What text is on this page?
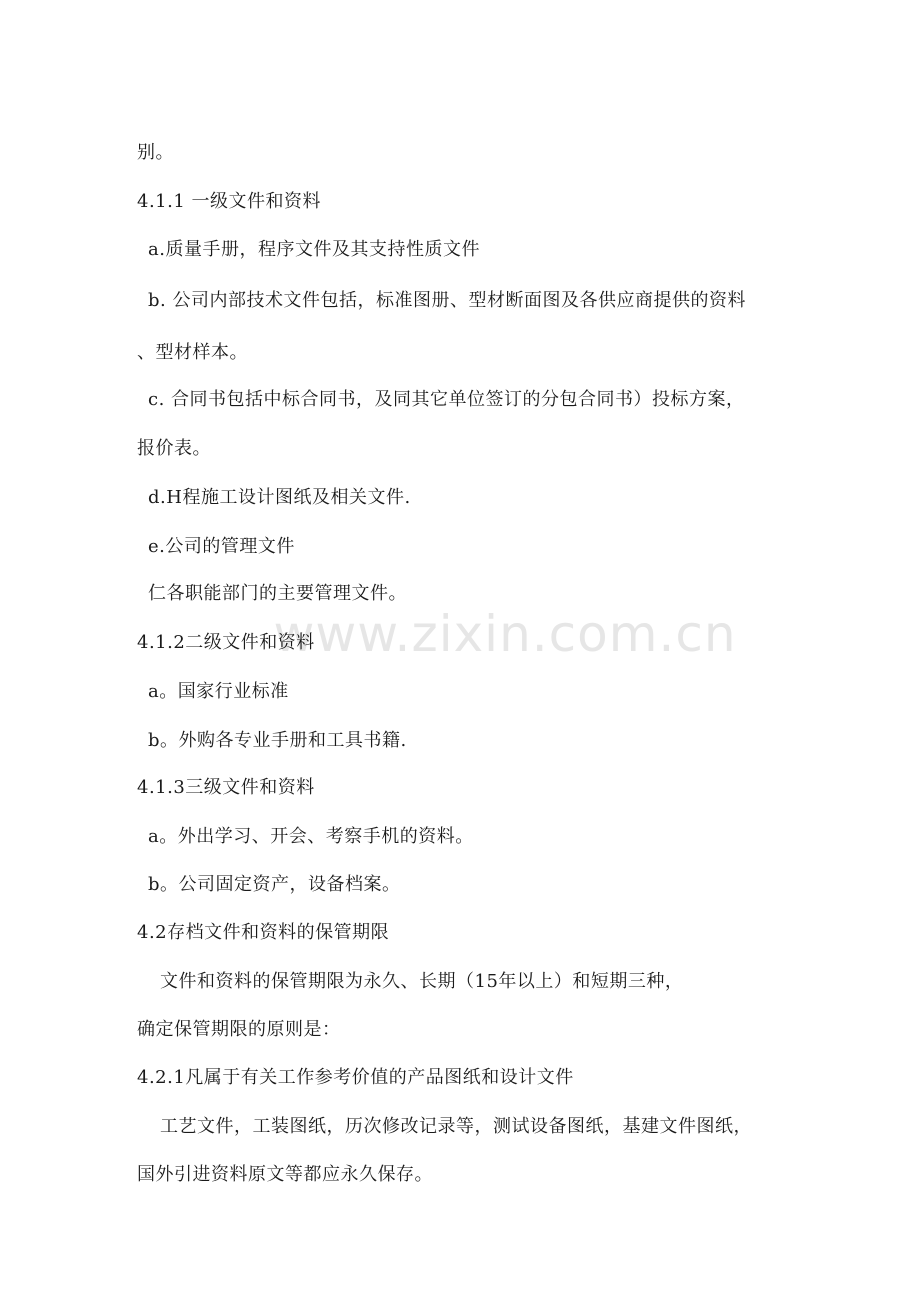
www.zixin.com.cn
别。
4.1.1 一级文件和资料
a.质量手册，程序文件及其支持性质文件
b. 公司内部技术文件包括，标准图册、型材断面图及各供应商提供的资料
、型材样本。
c. 合同书包括中标合同书，及同其它单位签订的分包合同书）投标方案，
报价表。
d.H程施工设计图纸及相关文件.
e.公司的管理文件
仁各职能部门的主要管理文件。
4.1.2二级文件和资料
a。国家行业标准
b。外购各专业手册和工具书籍.
4.1.3三级文件和资料
a。外出学习、开会、考察手机的资料。
b。公司固定资产，设备档案。
4.2存档文件和资料的保管期限
文件和资料的保管期限为永久、长期（15年以上）和短期三种，
确定保管期限的原则是：
4.2.1凡属于有关工作参考价值的产品图纸和设计文件
工艺文件，工装图纸，历次修改记录等，测试设备图纸，基建文件图纸，
国外引进资料原文等都应永久保存。
